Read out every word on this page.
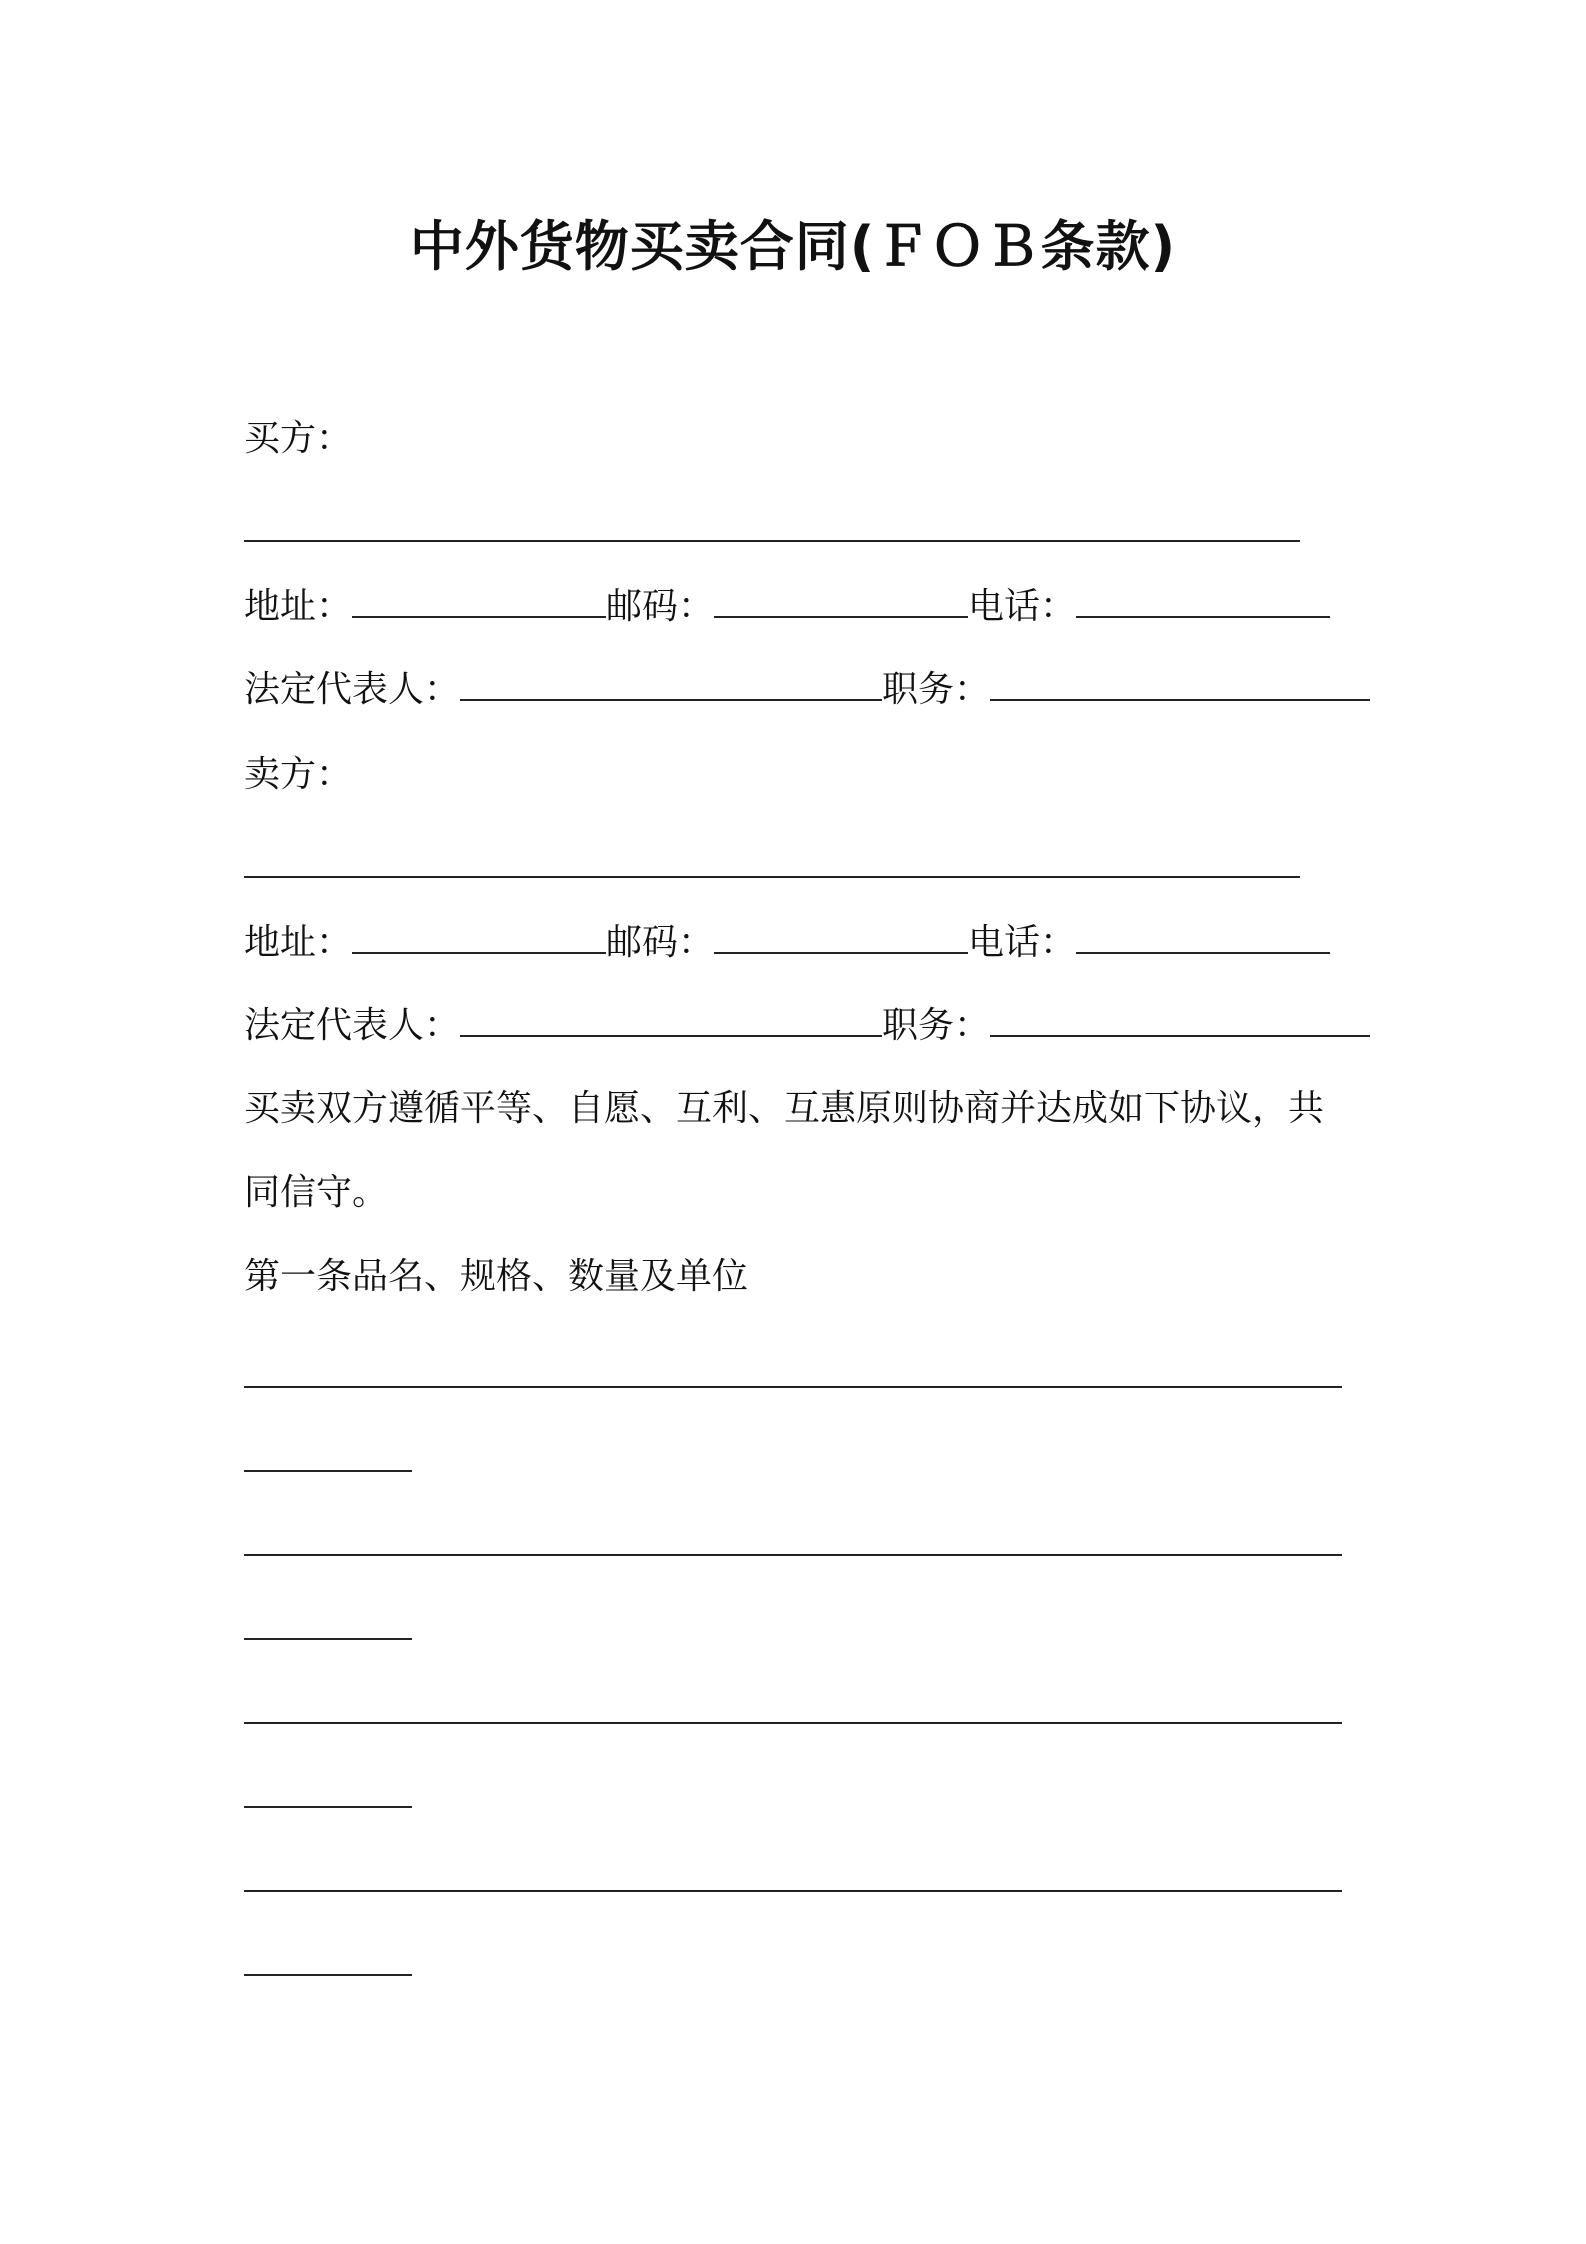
中外货物买卖合同(ＦＯＢ条款)
买方：
地址：	邮码：	电话：
法定代表人：	职务：
卖方：
地址：	邮码：	电话：
法定代表人：	职务：
买卖双方遵循平等、自愿、互利、互惠原则协商并达成如下协议，共
同信守。
第一条品名、规格、数量及单位
